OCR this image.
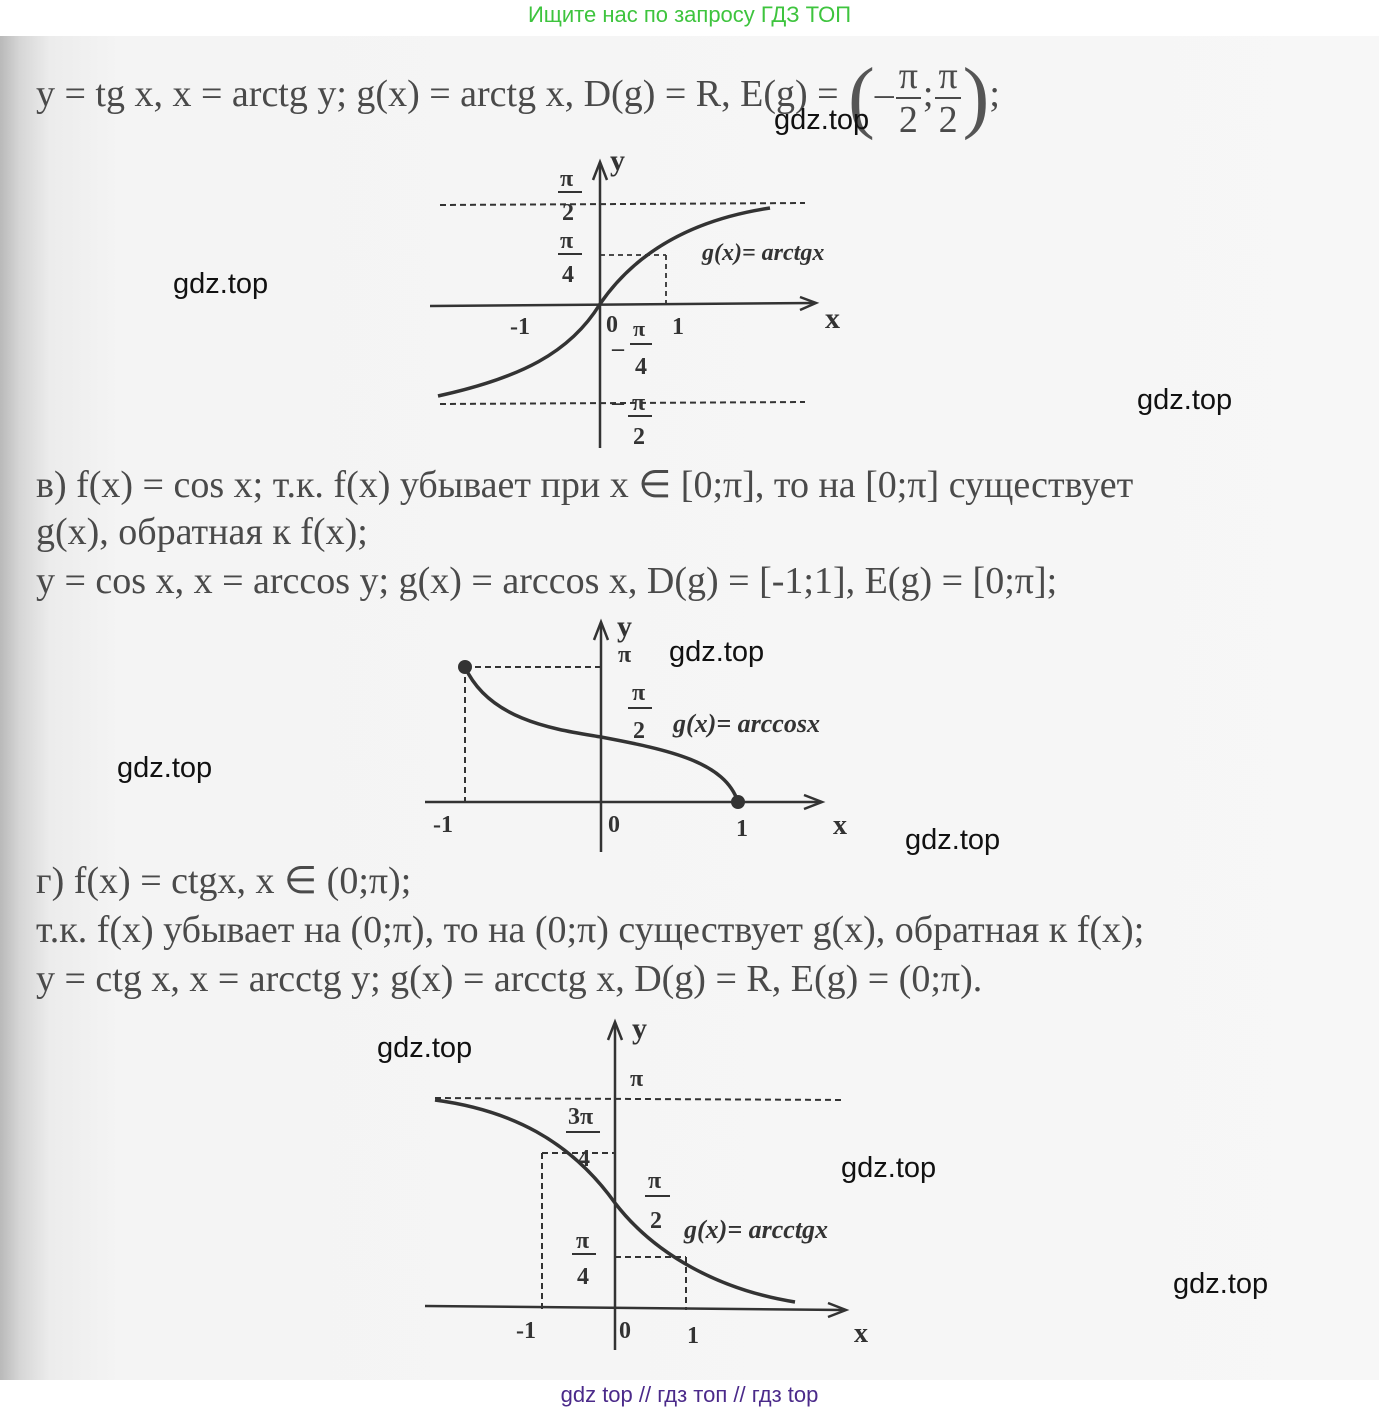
Ищите нас по запросу ГДЗ ТОП
y = tg x, x = arctg y; g(x) = arctg x, D(g) = R, E(g) = (– $\frac{\pi}{2}$ ; $\frac{\pi}{2}$ );
gdz.top
gdz.top
gdz.top
y
x
π
2
π
4
-1	0 π 1
–
4
– π
2
g(x)= arctgx
в) f(x) = cos x; т.к. f(x) убывает при x ∈ [0;π], то на [0;π] существует
g(x), обратная к f(x);
y = cos x, x = arccos y; g(x) = arccos x, D(g) = [-1;1], E(g) = [0;π];
gdz.top
gdz.top
gdz.top
y
x
π
π
2 g(x)= arccosx
-1	0	1
г) f(x) = ctgx, x ∈ (0;π);
т.к. f(x) убывает на (0;π), то на (0;π) существует g(x), обратная к f(x);
y = ctg x, x = arcctg y; g(x) = arcctg x, D(g) = R, E(g) = (0;π).
gdz.top
gdz.top
gdz.top
y
x
π
3π
4
π
2
π
4
g(x)= arcctgx
-1	0 1
gdz top // гдз топ // гдз top
